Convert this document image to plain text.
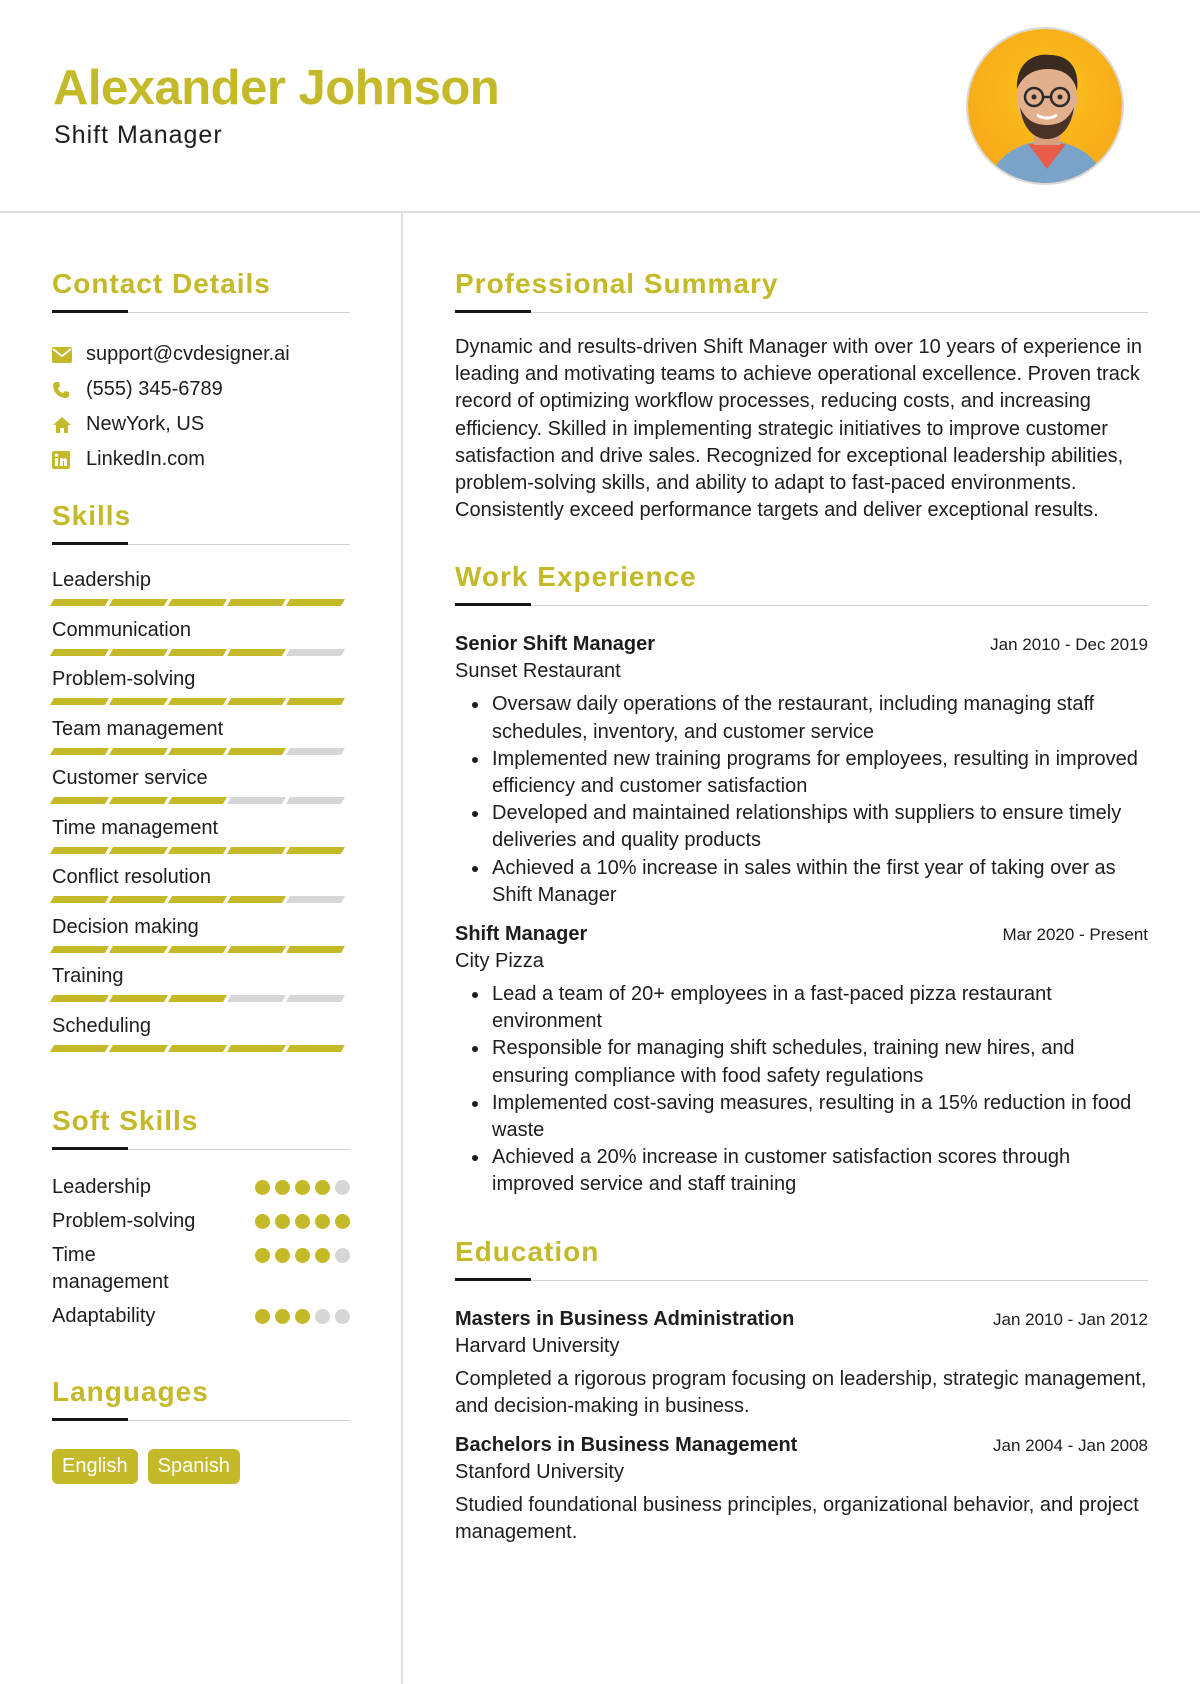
Alexander Johnson
Shift Manager
Contact Details
support@cvdesigner.ai
(555) 345-6789
NewYork, US
LinkedIn.com
Skills
Leadership
Communication
Problem-solving
Team management
Customer service
Time management
Conflict resolution
Decision making
Training
Scheduling
Soft Skills
Leadership
Problem-solving
Time management
Adaptability
Languages
English	Spanish
Professional Summary
Dynamic and results-driven Shift Manager with over 10 years of experience in leading and motivating teams to achieve operational excellence. Proven track record of optimizing workflow processes, reducing costs, and increasing efficiency. Skilled in implementing strategic initiatives to improve customer satisfaction and drive sales. Recognized for exceptional leadership abilities, problem-solving skills, and ability to adapt to fast-paced environments. Consistently exceed performance targets and deliver exceptional results.
Work Experience
Senior Shift Manager	Jan 2010 - Dec 2019
Sunset Restaurant
Oversaw daily operations of the restaurant, including managing staff schedules, inventory, and customer service
Implemented new training programs for employees, resulting in improved efficiency and customer satisfaction
Developed and maintained relationships with suppliers to ensure timely deliveries and quality products
Achieved a 10% increase in sales within the first year of taking over as Shift Manager
Shift Manager	Mar 2020 - Present
City Pizza
Lead a team of 20+ employees in a fast-paced pizza restaurant environment
Responsible for managing shift schedules, training new hires, and ensuring compliance with food safety regulations
Implemented cost-saving measures, resulting in a 15% reduction in food waste
Achieved a 20% increase in customer satisfaction scores through improved service and staff training
Education
Masters in Business Administration	Jan 2010 - Jan 2012
Harvard University
Completed a rigorous program focusing on leadership, strategic management, and decision-making in business.
Bachelors in Business Management	Jan 2004 - Jan 2008
Stanford University
Studied foundational business principles, organizational behavior, and project management.
